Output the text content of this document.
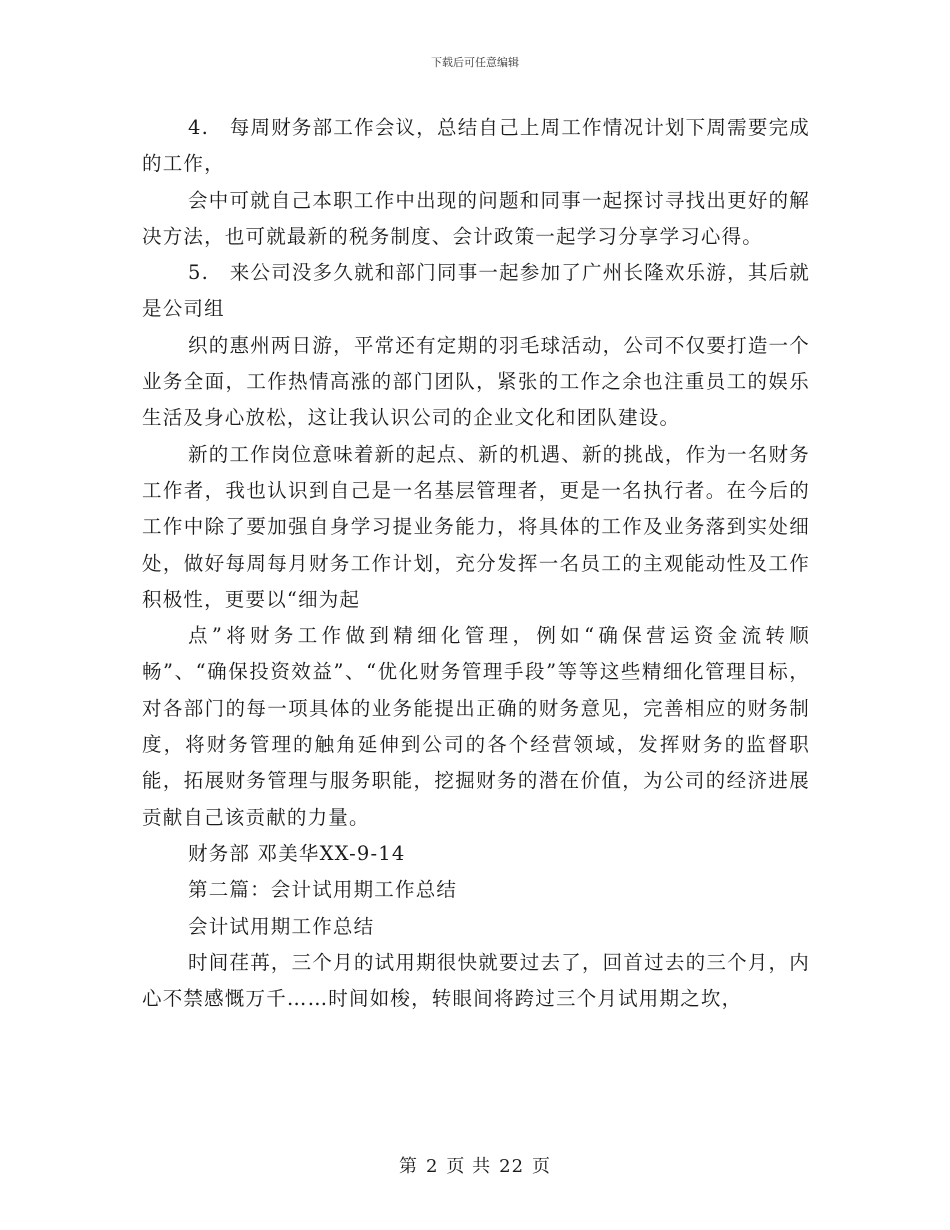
下载后可任意编辑

4.　每周财务部工作会议，总结自己上周工作情况计划下周需要完成的工作，

会中可就自己本职工作中出现的问题和同事一起探讨寻找出更好的解决方法，也可就最新的税务制度、会计政策一起学习分享学习心得。

5.　来公司没多久就和部门同事一起参加了广州长隆欢乐游，其后就是公司组

织的惠州两日游，平常还有定期的羽毛球活动，公司不仅要打造一个业务全面，工作热情高涨的部门团队，紧张的工作之余也注重员工的娱乐生活及身心放松，这让我认识公司的企业文化和团队建设。

新的工作岗位意味着新的起点、新的机遇、新的挑战，作为一名财务工作者，我也认识到自己是一名基层管理者，更是一名执行者。在今后的工作中除了要加强自身学习提业务能力，将具体的工作及业务落到实处细处，做好每周每月财务工作计划，充分发挥一名员工的主观能动性及工作积极性，更要以“细为起

点”将财务工作做到精细化管理，例如“确保营运资金流转顺畅”、“确保投资效益”、“优化财务管理手段”等等这些精细化管理目标，对各部门的每一项具体的业务能提出正确的财务意见，完善相应的财务制度，将财务管理的触角延伸到公司的各个经营领域，发挥财务的监督职能，拓展财务管理与服务职能，挖掘财务的潜在价值，为公司的经济进展贡献自己该贡献的力量。

财务部 邓美华XX-9-14

第二篇：会计试用期工作总结

会计试用期工作总结

时间荏苒，三个月的试用期很快就要过去了，回首过去的三个月，内心不禁感慨万千……时间如梭，转眼间将跨过三个月试用期之坎，

第 2 页 共 22 页
